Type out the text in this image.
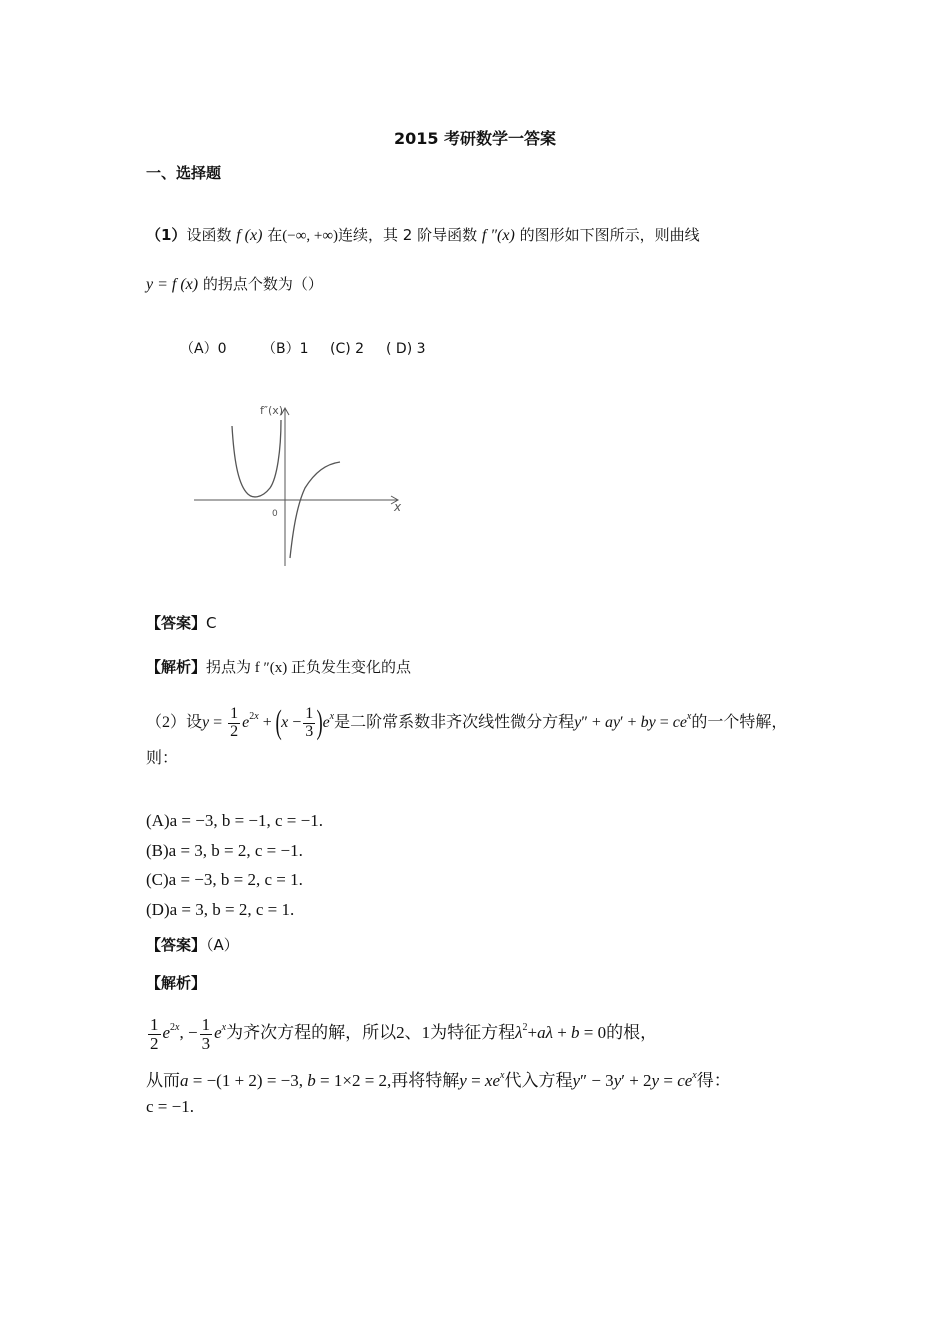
2015 考研数学一答案
一、选择题
（1）设函数 f (x) 在(−∞, +∞)连续，其 2 阶导函数 f ″(x) 的图形如下图所示，则曲线
y = f (x) 的拐点个数为（）
（A）0	（B）1 (C) 2 ( D) 3
f″(x)
x
0
【答案】C
【解析】拐点为 f ″(x) 正负发生变化的点
（2）设$y = \frac{1}{2} e^{2x} + (x - \frac{1}{3} )e^x$是二阶常系数非齐次线性微分方程y″ + ay′ + by = $ce^x$的一个特解，
则：
(A)a = −3, b = −1, c = −1.
(B)a = 3, b = 2, c = −1.
(C)a = −3, b = 2, c = 1.
(D)a = 3, b = 2, c = 1.
【答案】（A）
【解析】
$\frac{1}{2} e^{2x}$, − $\frac{1}{3} e^x$为齐次方程的解，所以2、1为特征方程$\lambda^2+a\lambda + b = 0$的根，
从而a = −(1 + 2) = −3, b = 1×2 = 2,再将特解$y = xe^x$代入方程$y'' - 3y' + 2y = ce^x$得：
c = −1.
